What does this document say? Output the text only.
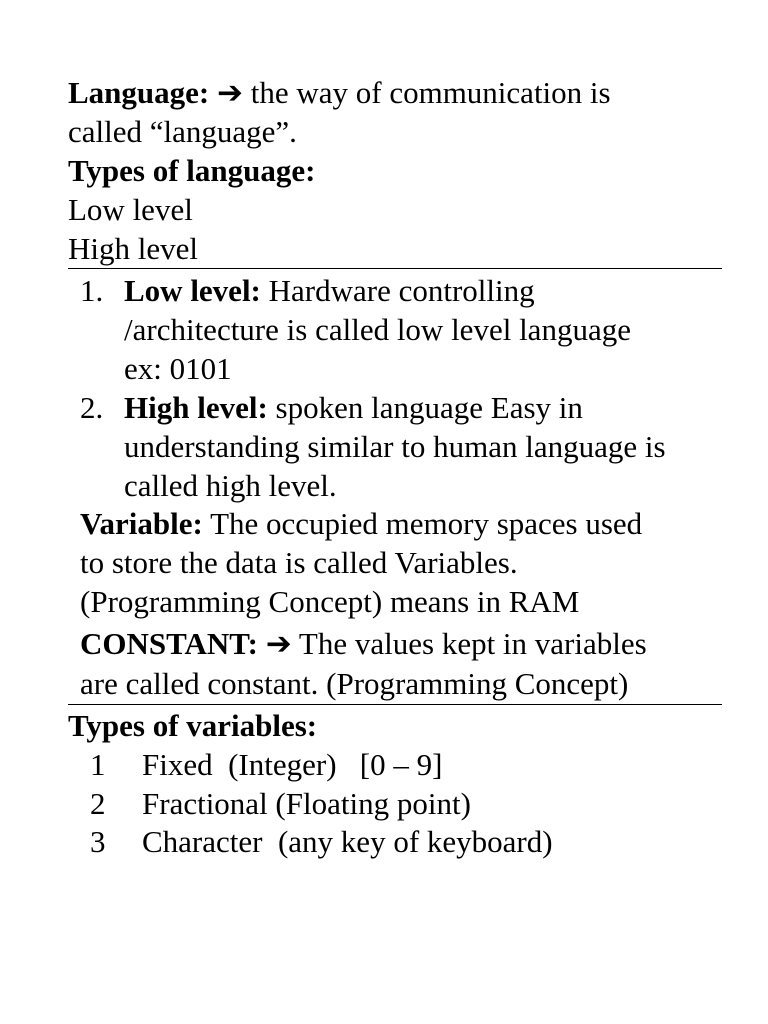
Language: ➔ the way of communication is
called “language”.
Types of language:
Low level
High level
1. Low level: Hardware controlling
/architecture is called low level language
ex: 0101
2. High level: spoken language Easy in
understanding similar to human language is
called high level.
Variable: The occupied memory spaces used
to store the data is called Variables.
(Programming Concept) means in RAM
CONSTANT: ➔ The values kept in variables
are called constant. (Programming Concept)
Types of variables:
1 Fixed  (Integer)   [0 – 9]
2 Fractional (Floating point)
3 Character  (any key of keyboard)
